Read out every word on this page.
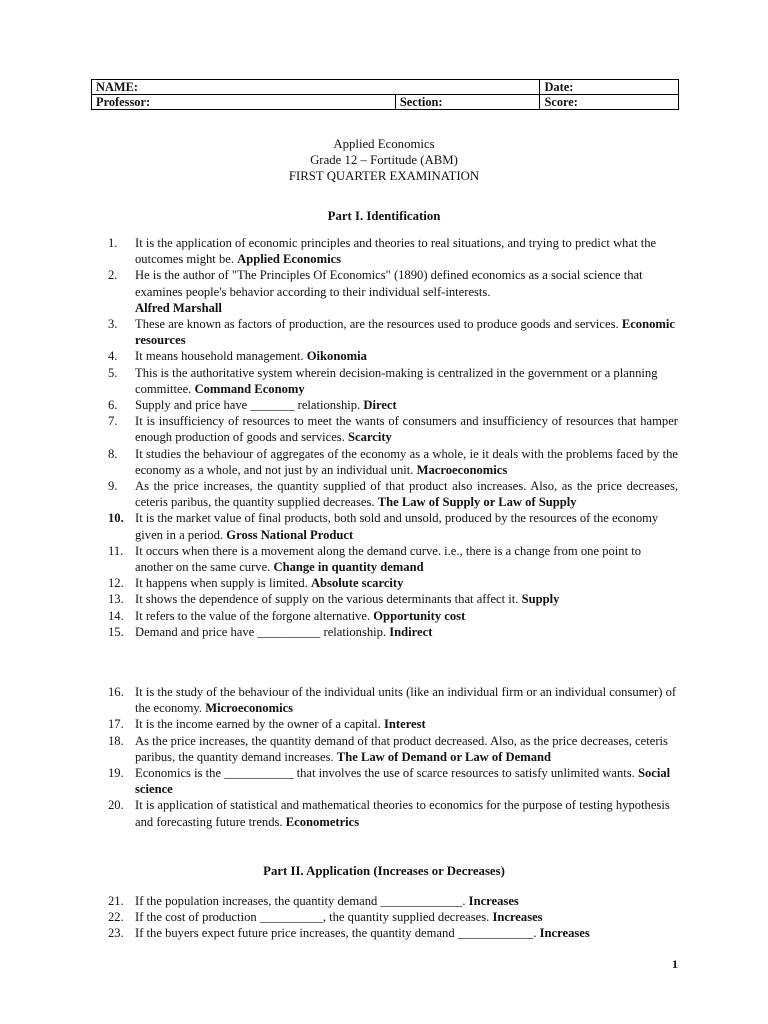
NAME:		Date:
Professor:	Section:	Score:
Applied Economics
Grade 12 – Fortitude (ABM)
FIRST QUARTER EXAMINATION
Part I. Identification
1.	It is the application of economic principles and theories to real situations, and trying to predict what the outcomes might be. Applied Economics
2.	He is the author of "The Principles Of Economics" (1890) defined economics as a social science that examines people's behavior according to their individual self-interests.
Alfred Marshall
3.	These are known as factors of production, are the resources used to produce goods and services. Economic resources
4.	It means household management. Oikonomia
5.	This is the authoritative system wherein decision-making is centralized in the government or a planning committee. Command Economy
6.	Supply and price have _______ relationship. Direct
7.	It is insufficiency of resources to meet the wants of consumers and insufficiency of resources that hamper enough production of goods and services. Scarcity
8.	It studies the behaviour of aggregates of the economy as a whole, ie it deals with the problems faced by the economy as a whole, and not just by an individual unit. Macroeconomics
9.	As the price increases, the quantity supplied of that product also increases. Also, as the price decreases, ceteris paribus, the quantity supplied decreases. The Law of Supply or Law of Supply
10. It is the market value of final products, both sold and unsold, produced by the resources of the economy given in a period. Gross National Product
11. It occurs when there is a movement along the demand curve. i.e., there is a change from one point to another on the same curve. Change in quantity demand
12. It happens when supply is limited. Absolute scarcity
13. It shows the dependence of supply on the various determinants that affect it. Supply
14. It refers to the value of the forgone alternative. Opportunity cost
15. Demand and price have __________ relationship. Indirect
16. It is the study of the behaviour of the individual units (like an individual firm or an individual consumer) of the economy. Microeconomics
17. It is the income earned by the owner of a capital. Interest
18. As the price increases, the quantity demand of that product decreased. Also, as the price decreases, ceteris paribus, the quantity demand increases. The Law of Demand or Law of Demand
19. Economics is the ___________ that involves the use of scarce resources to satisfy unlimited wants. Social science
20. It is application of statistical and mathematical theories to economics for the purpose of testing hypothesis and forecasting future trends. Econometrics
Part II. Application (Increases or Decreases)
21. If the population increases, the quantity demand _____________. Increases
22. If the cost of production __________, the quantity supplied decreases. Increases
23. If the buyers expect future price increases, the quantity demand ____________. Increases
1
